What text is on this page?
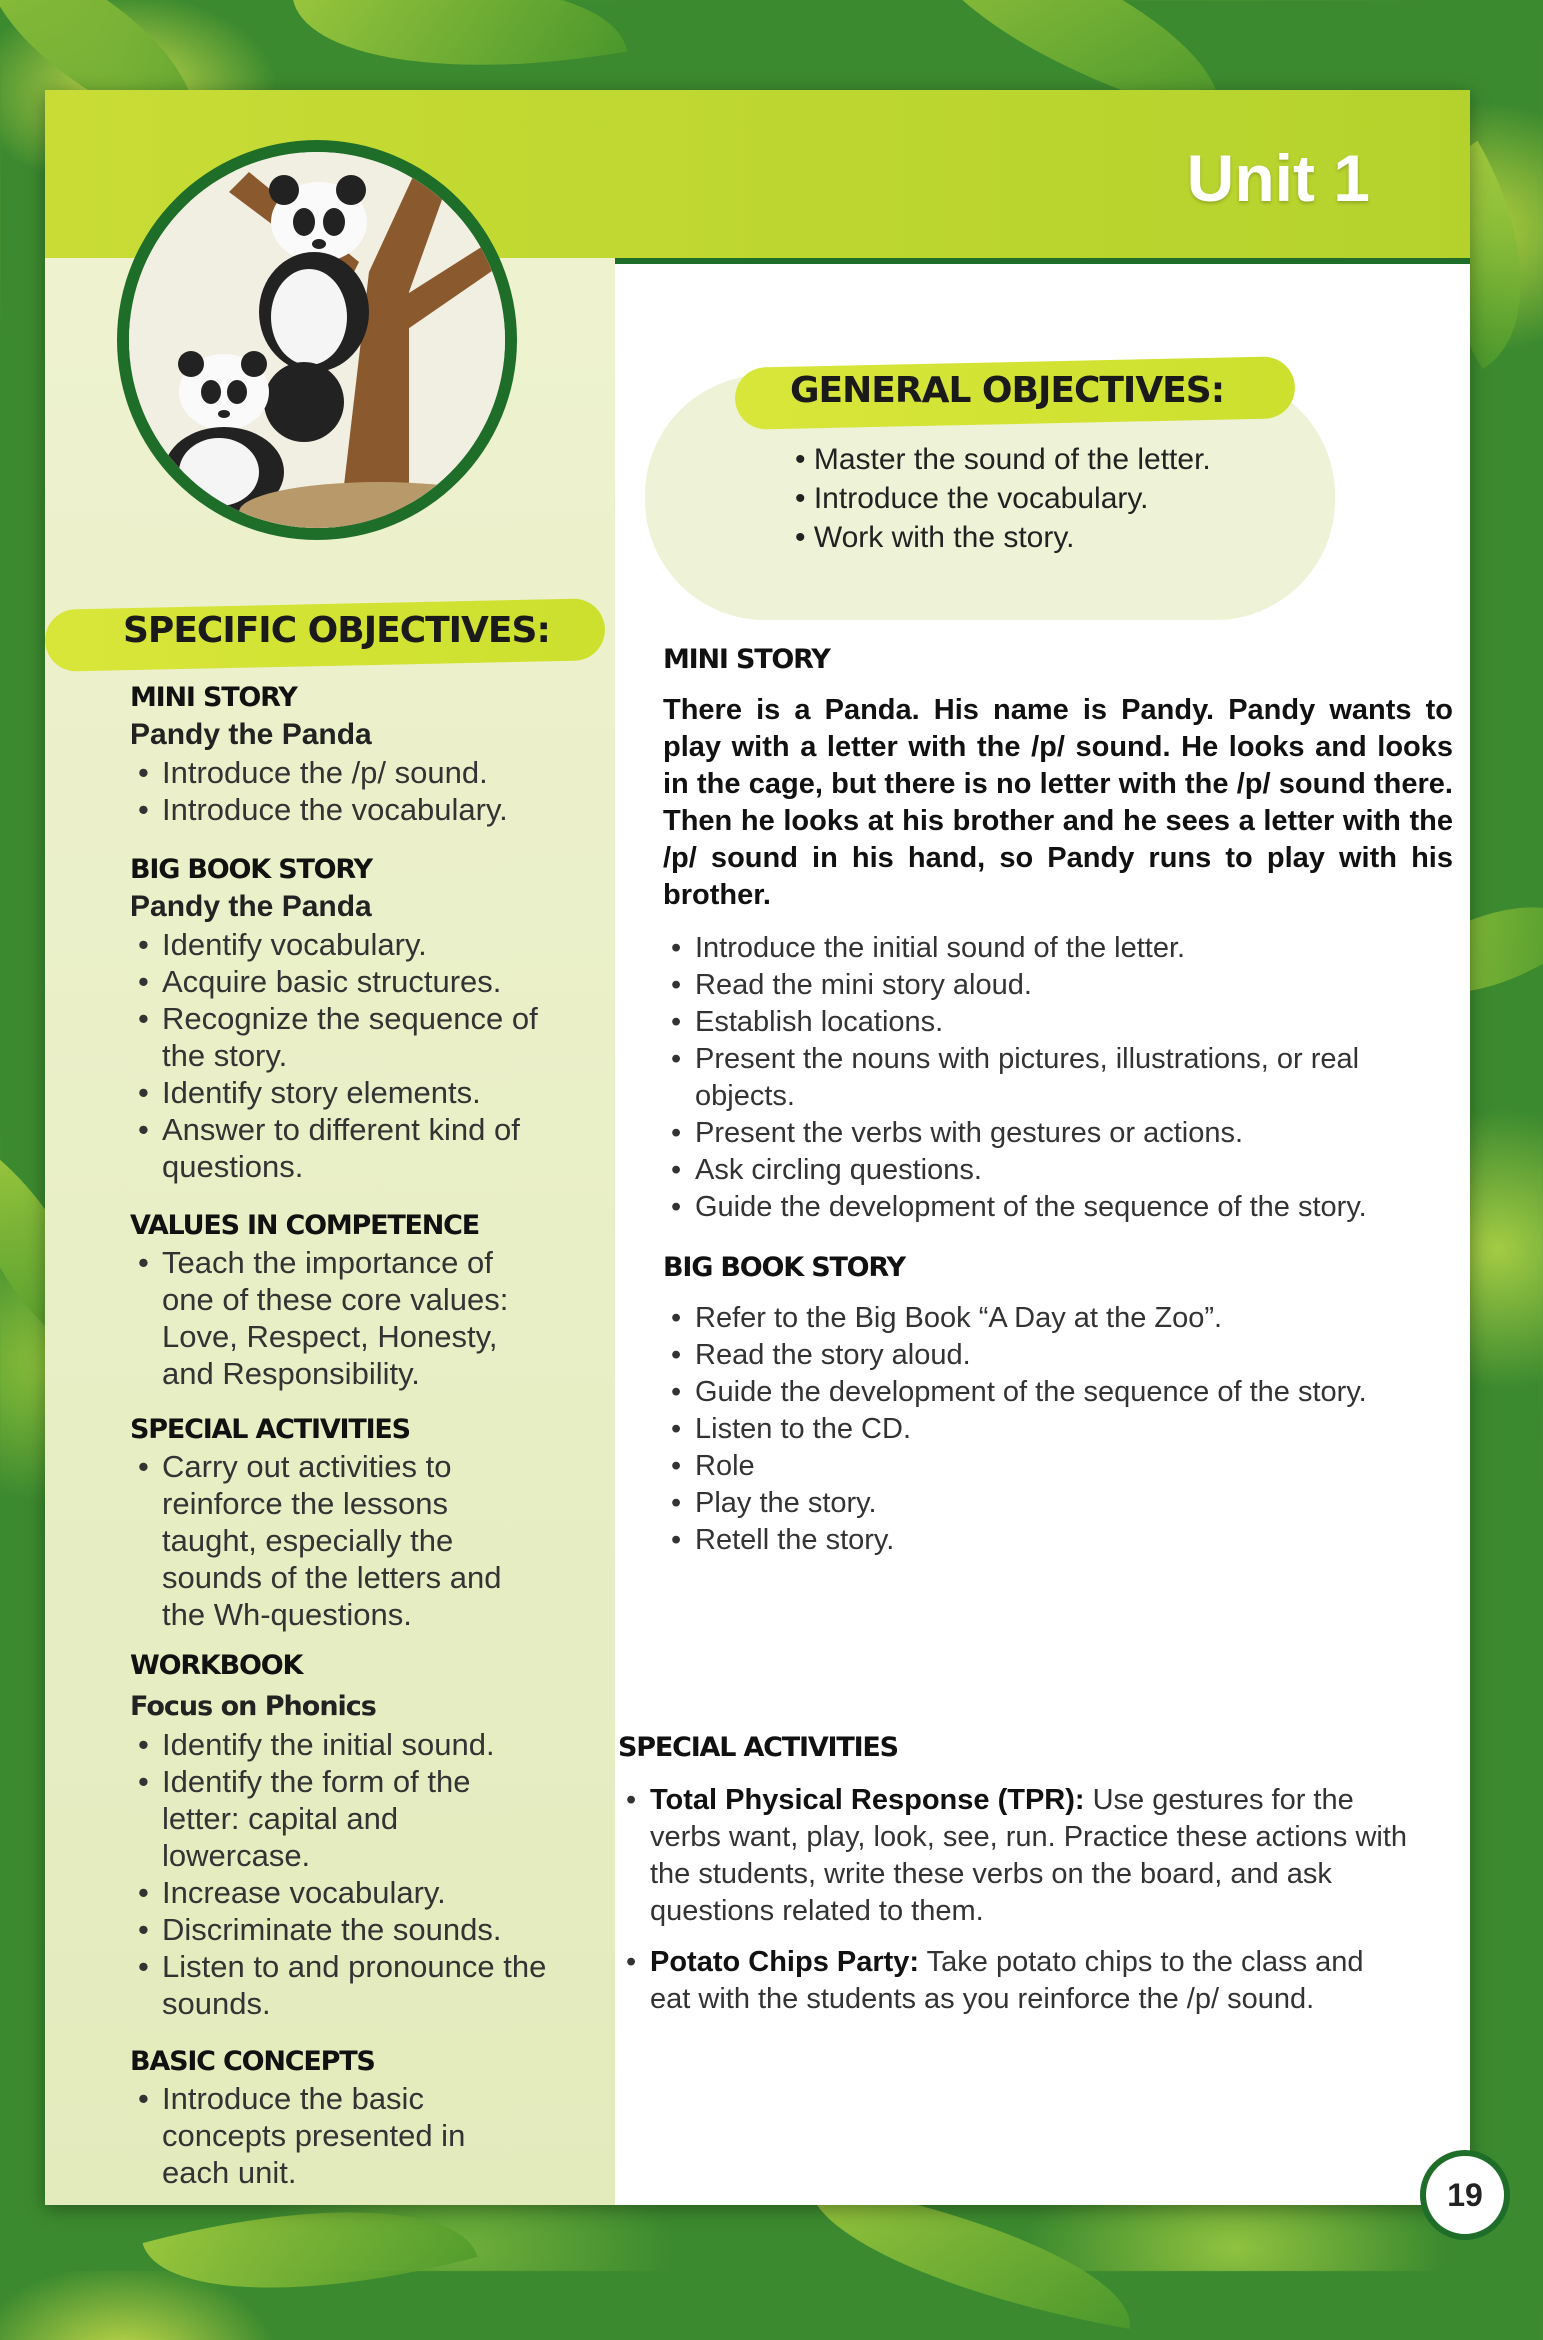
Unit 1
GENERAL OBJECTIVES:
• Master the sound of the letter.
• Introduce the vocabulary.
• Work with the story.
SPECIFIC OBJECTIVES:
MINI STORY
Pandy the Panda
• Introduce the /p/ sound.
• Introduce the vocabulary.
BIG BOOK STORY
Pandy the Panda
• Identify vocabulary.
• Acquire basic structures.
• Recognize the sequence of the story.
• Identify story elements.
• Answer to different kind of questions.
VALUES IN COMPETENCE
• Teach the importance of one of these core values: Love, Respect, Honesty, and Responsibility.
SPECIAL ACTIVITIES
• Carry out activities to reinforce the lessons taught, especially the sounds of the letters and the Wh-questions.
WORKBOOK
Focus on Phonics
• Identify the initial sound.
• Identify the form of the letter: capital and lowercase.
• Increase vocabulary.
• Discriminate the sounds.
• Listen to and pronounce the sounds.
BASIC CONCEPTS
• Introduce the basic concepts presented in each unit.
MINI STORY
There is a Panda. His name is Pandy. Pandy wants to play with a letter with the /p/ sound. He looks and looks in the cage, but there is no letter with the /p/ sound there. Then he looks at his brother and he sees a letter with the /p/ sound in his hand, so Pandy runs to play with his brother.
• Introduce the initial sound of the letter.
• Read the mini story aloud.
• Establish locations.
• Present the nouns with pictures, illustrations, or real objects.
• Present the verbs with gestures or actions.
• Ask circling questions.
• Guide the development of the sequence of the story.
BIG BOOK STORY
• Refer to the Big Book “A Day at the Zoo”.
• Read the story aloud.
• Guide the development of the sequence of the story.
• Listen to the CD.
• Role
• Play the story.
• Retell the story.
SPECIAL ACTIVITIES
• Total Physical Response (TPR): Use gestures for the verbs want, play, look, see, run. Practice these actions with the students, write these verbs on the board, and ask questions related to them.
• Potato Chips Party: Take potato chips to the class and eat with the students as you reinforce the /p/ sound.
19
